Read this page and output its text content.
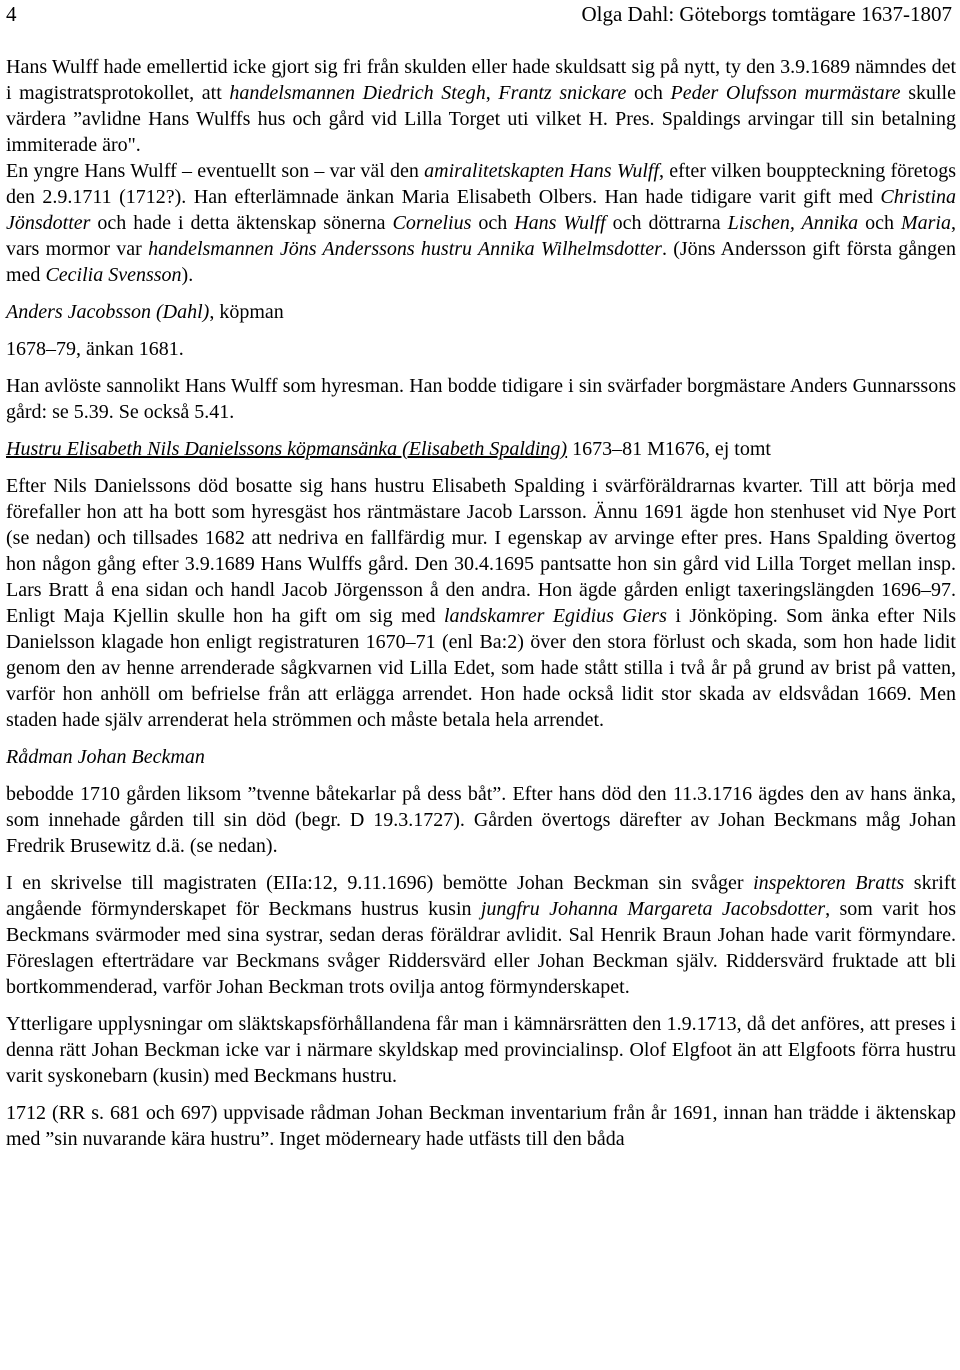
4	Olga Dahl: Göteborgs tomtägare 1637-1807

Hans Wulff hade emellertid icke gjort sig fri från skulden eller hade skuldsatt sig på nytt, ty den 3.9.1689 nämndes det i magistratsprotokollet, att handelsmannen Diedrich Stegh, Frantz snickare och Peder Olufsson murmästare skulle värdera ”avlidne Hans Wulffs hus och gård vid Lilla Torget uti vilket H. Pres. Spaldings arvingar till sin betalning immiterade äro".

En yngre Hans Wulff – eventuellt son – var väl den amiralitetskapten Hans Wulff, efter vilken bouppteckning företogs den 2.9.1711 (1712?). Han efterlämnade änkan Maria Elisabeth Olbers. Han hade tidigare varit gift med Christina Jönsdotter och hade i detta äktenskap sönerna Cornelius och Hans Wulff och döttrarna Lischen, Annika och Maria, vars mormor var handelsmannen Jöns Anderssons hustru Annika Wilhelmsdotter. (Jöns Andersson gift första gången med Cecilia Svensson).

Anders Jacobsson (Dahl), köpman

1678–79, änkan 1681.

Han avlöste sannolikt Hans Wulff som hyresman. Han bodde tidigare i sin svärfader borgmästare Anders Gunnarssons gård: se 5.39. Se också 5.41.

Hustru Elisabeth Nils Danielssons köpmansänka (Elisabeth Spalding) 1673–81 M1676, ej tomt

Efter Nils Danielssons död bosatte sig hans hustru Elisabeth Spalding i svärföräldrarnas kvarter. Till att börja med förefaller hon att ha bott som hyresgäst hos räntmästare Jacob Larsson. Ännu 1691 ägde hon stenhuset vid Nye Port (se nedan) och tillsades 1682 att nedriva en fallfärdig mur. I egenskap av arvinge efter pres. Hans Spalding övertog hon någon gång efter 3.9.1689 Hans Wulffs gård. Den 30.4.1695 pantsatte hon sin gård vid Lilla Torget mellan insp. Lars Bratt å ena sidan och handl Jacob Jörgensson å den andra. Hon ägde gården enligt taxeringslängden 1696–97. Enligt Maja Kjellin skulle hon ha gift om sig med landskamrer Egidius Giers i Jönköping. Som änka efter Nils Danielsson klagade hon enligt registraturen 1670–71 (enl Ba:2) över den stora förlust och skada, som hon hade lidit genom den av henne arrenderade sågkvarnen vid Lilla Edet, som hade stått stilla i två år på grund av brist på vatten, varför hon anhöll om befrielse från att erlägga arrendet. Hon hade också lidit stor skada av eldsvådan 1669. Men staden hade själv arrenderat hela strömmen och måste betala hela arrendet.

Rådman Johan Beckman

bebodde 1710 gården liksom ”tvenne båtekarlar på dess båt”. Efter hans död den 11.3.1716 ägdes den av hans änka, som innehade gården till sin död (begr. D 19.3.1727). Gården övertogs därefter av Johan Beckmans måg Johan Fredrik Brusewitz d.ä. (se nedan).

I en skrivelse till magistraten (EIIa:12, 9.11.1696) bemötte Johan Beckman sin svåger inspektoren Bratts skrift angående förmynderskapet för Beckmans hustrus kusin jungfru Johanna Margareta Jacobsdotter, som varit hos Beckmans svärmoder med sina systrar, sedan deras föräldrar avlidit. Sal Henrik Braun Johan hade varit förmyndare. Föreslagen efterträdare var Beckmans svåger Riddersvärd eller Johan Beckman själv. Riddersvärd fruktade att bli bortkommenderad, varför Johan Beckman trots ovilja antog förmynderskapet.

Ytterligare upplysningar om släktskapsförhållandena får man i kämnärsrätten den 1.9.1713, då det anföres, att preses i denna rätt Johan Beckman icke var i närmare skyldskap med provincialinsp. Olof Elgfoot än att Elgfoots förra hustru varit syskonebarn (kusin) med Beckmans hustru.

1712 (RR s. 681 och 697) uppvisade rådman Johan Beckman inventarium från år 1691, innan han trädde i äktenskap med ”sin nuvarande kära hustru”. Inget möderneary hade utfästs till den båda
